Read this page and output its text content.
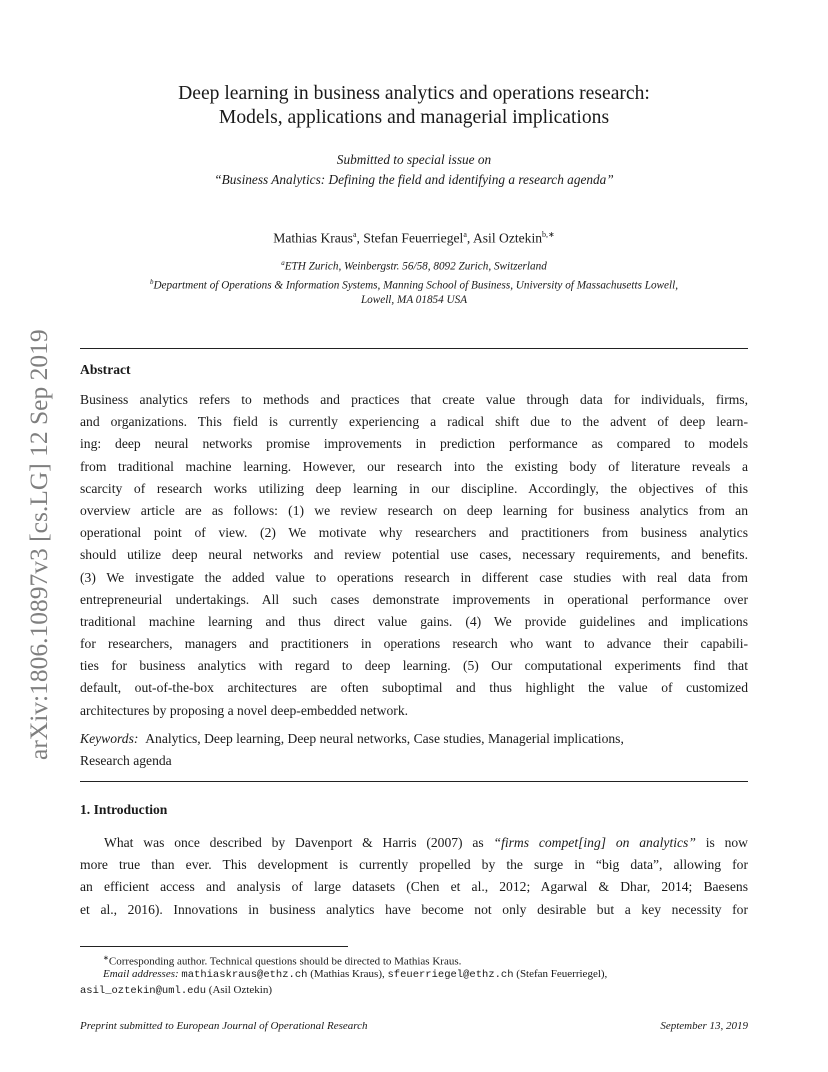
arXiv:1806.10897v3 [cs.LG] 12 Sep 2019
Deep learning in business analytics and operations research:
Models, applications and managerial implications
Submitted to special issue on
“Business Analytics: Defining the field and identifying a research agenda”
Mathias Kraus$^a$, Stefan Feuerriegel$^a$, Asil Oztekin$^{b,∗}$
$^a$ETH Zurich, Weinbergstr. 56/58, 8092 Zurich, Switzerland
$^b$Department of Operations & Information Systems, Manning School of Business, University of Massachusetts Lowell,
Lowell, MA 01854 USA
Abstract
Business analytics refers to methods and practices that create value through data for individuals, firms,
and organizations. This field is currently experiencing a radical shift due to the advent of deep learn-
ing: deep neural networks promise improvements in prediction performance as compared to models
from traditional machine learning. However, our research into the existing body of literature reveals a
scarcity of research works utilizing deep learning in our discipline. Accordingly, the objectives of this
overview article are as follows: (1) we review research on deep learning for business analytics from an
operational point of view. (2) We motivate why researchers and practitioners from business analytics
should utilize deep neural networks and review potential use cases, necessary requirements, and benefits.
(3) We investigate the added value to operations research in different case studies with real data from
entrepreneurial undertakings. All such cases demonstrate improvements in operational performance over
traditional machine learning and thus direct value gains. (4) We provide guidelines and implications
for researchers, managers and practitioners in operations research who want to advance their capabili-
ties for business analytics with regard to deep learning. (5) Our computational experiments find that
default, out-of-the-box architectures are often suboptimal and thus highlight the value of customized
architectures by proposing a novel deep-embedded network.
Keywords: Analytics, Deep learning, Deep neural networks, Case studies, Managerial implications,
Research agenda
1. Introduction
What was once described by Davenport & Harris (2007) as “firms compet[ing] on analytics” is now
more true than ever. This development is currently propelled by the surge in “big data”, allowing for
an efficient access and analysis of large datasets (Chen et al., 2012; Agarwal & Dhar, 2014; Baesens
et al., 2016). Innovations in business analytics have become not only desirable but a key necessity for
∗Corresponding author. Technical questions should be directed to Mathias Kraus.
Email addresses: mathiaskraus@ethz.ch (Mathias Kraus), sfeuerriegel@ethz.ch (Stefan Feuerriegel),
asil_oztekin@uml.edu (Asil Oztekin)
Preprint submitted to European Journal of Operational Research	September 13, 2019
